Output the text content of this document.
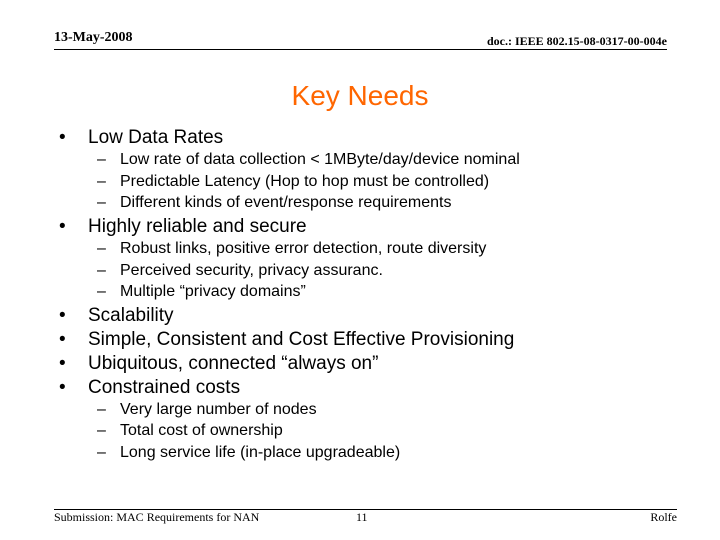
13-May-2008	doc.: IEEE 802.15-08-0317-00-004e
Key Needs
• Low Data Rates
– Low rate of data collection < 1MByte/day/device nominal
– Predictable Latency (Hop to hop must be controlled)
– Different kinds of event/response requirements
• Highly reliable and secure
– Robust links, positive error detection, route diversity
– Perceived security, privacy assuranc.
– Multiple “privacy domains”
• Scalability
• Simple, Consistent and Cost Effective Provisioning
• Ubiquitous, connected “always on”
• Constrained costs
– Very large number of nodes
– Total cost of ownership
– Long service life (in-place upgradeable)
Submission: MAC Requirements for NAN	11	Rolfe
